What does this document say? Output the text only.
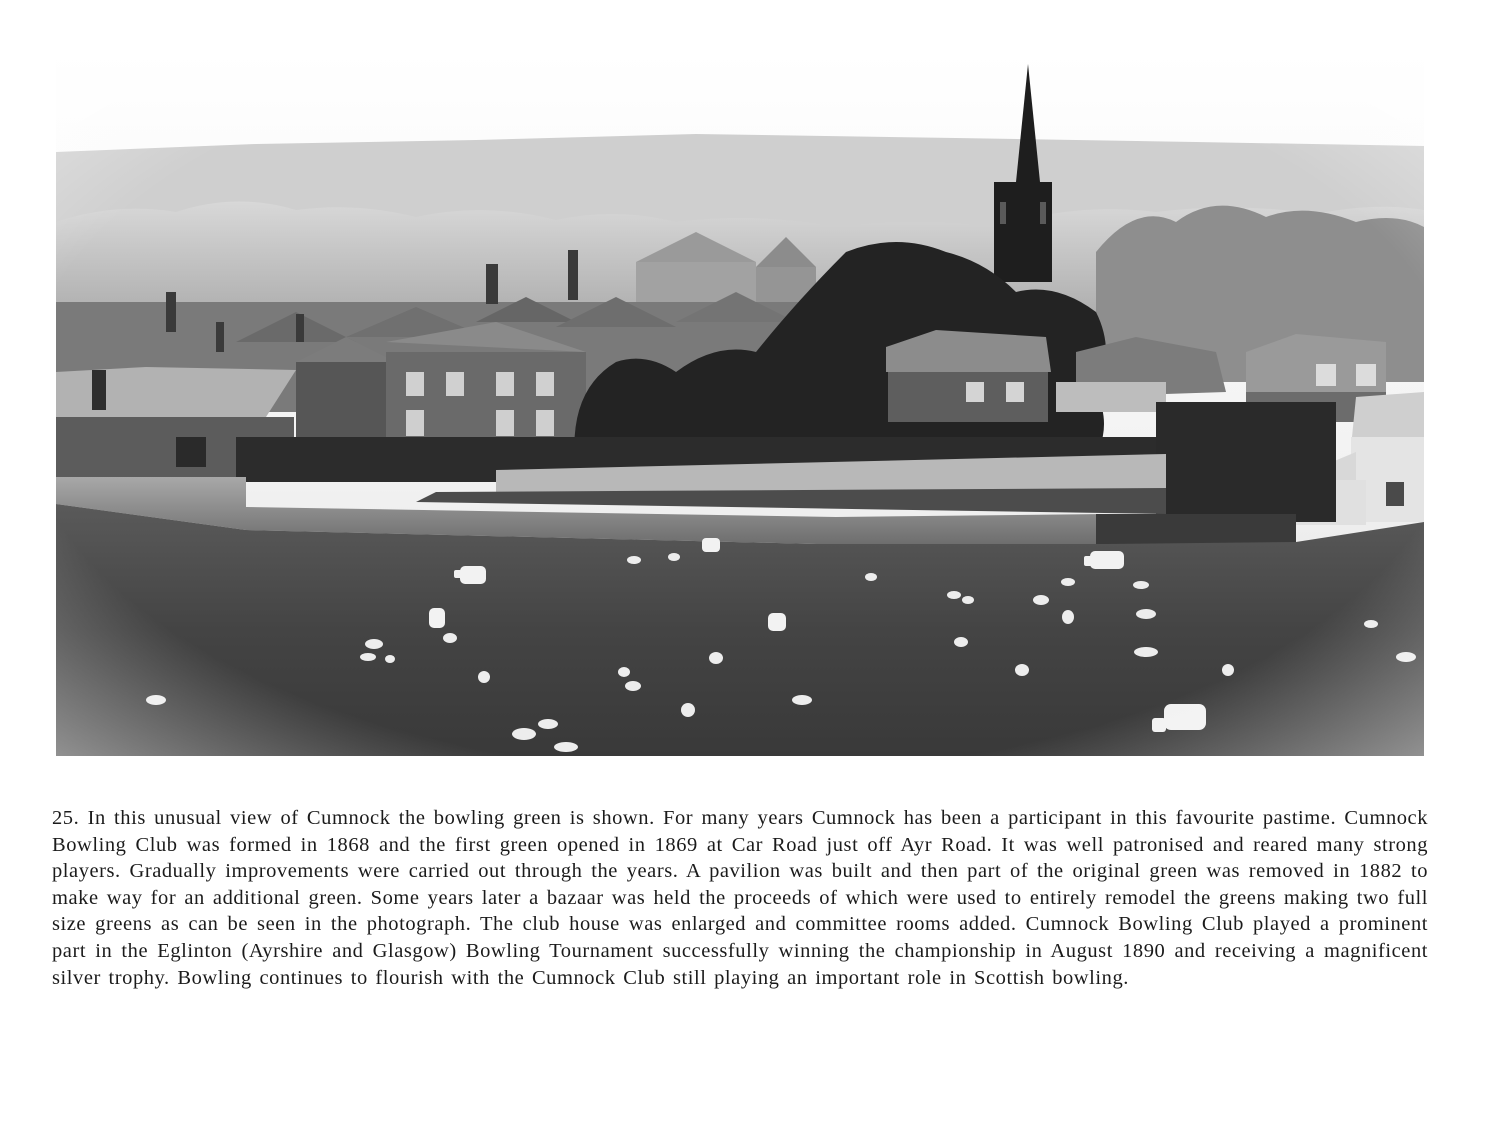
25. In this unusual view of Cumnock the bowling green is shown. For many years Cumnock has been a participant in this favourite pastime. Cumnock Bowling Club was formed in 1868 and the first green opened in 1869 at Car Road just off Ayr Road. It was well patronised and reared many strong players. Gradually improvements were carried out through the years. A pavilion was built and then part of the original green was removed in 1882 to make way for an additional green. Some years later a bazaar was held the proceeds of which were used to entirely remodel the greens making two full size greens as can be seen in the photograph. The club house was enlarged and committee rooms added. Cumnock Bowling Club played a prominent part in the Eglinton (Ayrshire and Glasgow) Bowling Tournament successfully winning the championship in August 1890 and receiving a magnificent silver trophy. Bowling continues to flourish with the Cumnock Club still playing an important role in Scottish bowling.
